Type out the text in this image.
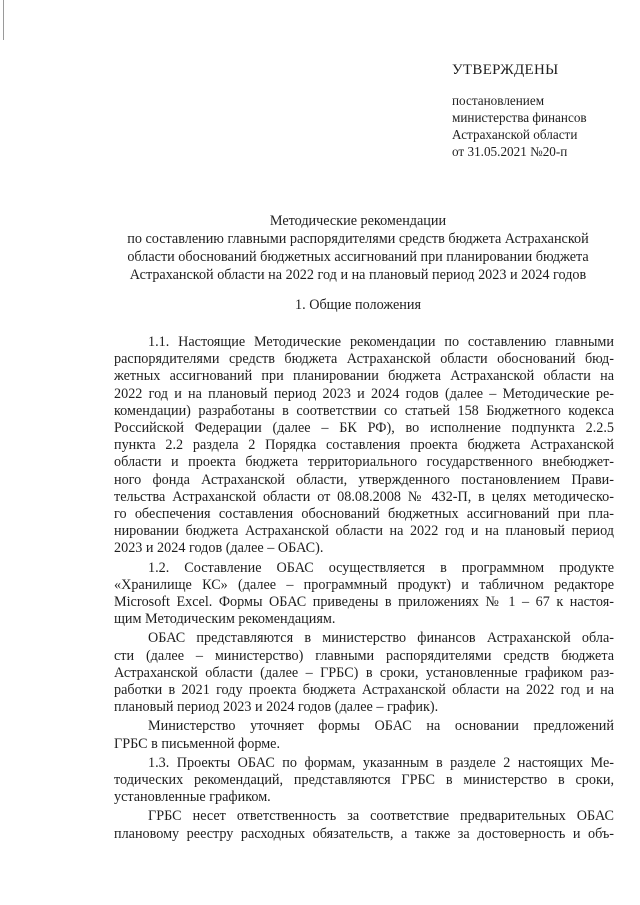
УТВЕРЖДЕНЫ
постановлением
министерства финансов
Астраханской области
от 31.05.2021 №20-п
Методические рекомендации
по составлению главными распорядителями средств бюджета Астраханской
области обоснований бюджетных ассигнований при планировании бюджета
Астраханской области на 2022 год и на плановый период 2023 и 2024 годов
1. Общие положения
1.1. Настоящие Методические рекомендации по составлению главными
распорядителями средств бюджета Астраханской области обоснований бюд-
жетных ассигнований при планировании бюджета Астраханской области на
2022 год и на плановый период 2023 и 2024 годов (далее – Методические ре-
комендации) разработаны в соответствии со статьей 158 Бюджетного кодекса
Российской Федерации (далее – БК РФ), во исполнение подпункта 2.2.5
пункта 2.2 раздела 2 Порядка составления проекта бюджета Астраханской
области и проекта бюджета территориального государственного внебюджет-
ного фонда Астраханской области, утвержденного постановлением Прави-
тельства Астраханской области от 08.08.2008 № 432-П, в целях методическо-
го обеспечения составления обоснований бюджетных ассигнований при пла-
нировании бюджета Астраханской области на 2022 год и на плановый период
2023 и 2024 годов (далее – ОБАС).
1.2. Составление ОБАС осуществляется в программном продукте
«Хранилище КС» (далее – программный продукт) и табличном редакторе
Microsoft Excel. Формы ОБАС приведены в приложениях № 1 – 67 к настоя-
щим Методическим рекомендациям.
ОБАС представляются в министерство финансов Астраханской обла-
сти (далее – министерство) главными распорядителями средств бюджета
Астраханской области (далее – ГРБС) в сроки, установленные графиком раз-
работки в 2021 году проекта бюджета Астраханской области на 2022 год и на
плановый период 2023 и 2024 годов (далее – график).
Министерство уточняет формы ОБАС на основании предложений
ГРБС в письменной форме.
1.3. Проекты ОБАС по формам, указанным в разделе 2 настоящих Ме-
тодических рекомендаций, представляются ГРБС в министерство в сроки,
установленные графиком.
ГРБС несет ответственность за соответствие предварительных ОБАС
плановому реестру расходных обязательств, а также за достоверность и объ-
